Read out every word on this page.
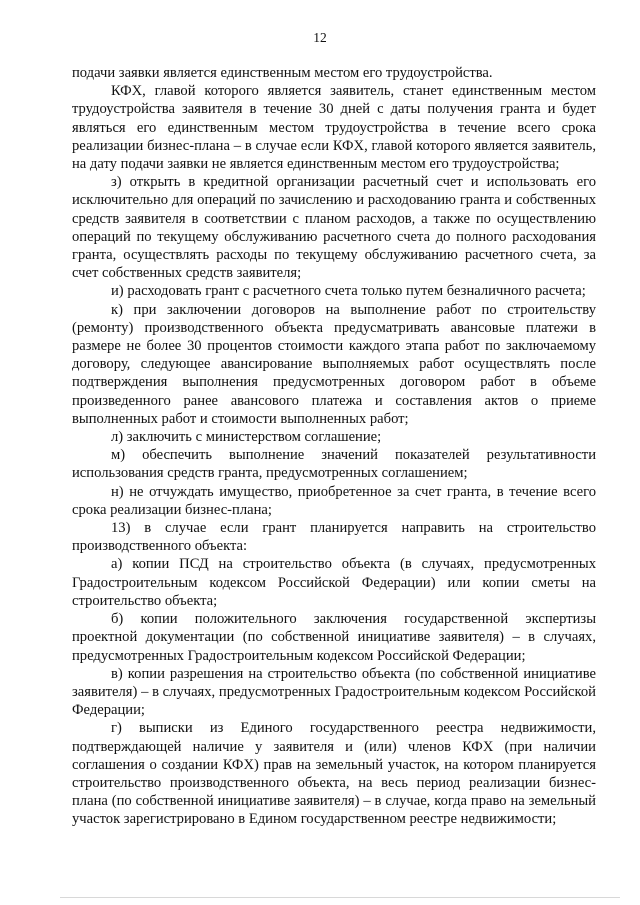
12

подачи заявки является единственным местом его трудоустройства.

КФХ, главой которого является заявитель, станет единственным местом трудоустройства заявителя в течение 30 дней с даты получения гранта и будет являться его единственным местом трудоустройства в течение всего срока реализации бизнес-плана – в случае если КФХ, главой которого является заявитель, на дату подачи заявки не является единственным местом его трудоустройства;

з) открыть в кредитной организации расчетный счет и использовать его исключительно для операций по зачислению и расходованию гранта и собственных средств заявителя в соответствии с планом расходов, а также по осуществлению операций по текущему обслуживанию расчетного счета до полного расходования гранта, осуществлять расходы по текущему обслуживанию расчетного счета, за счет собственных средств заявителя;

и) расходовать грант с расчетного счета только путем безналичного расчета;

к) при заключении договоров на выполнение работ по строительству (ремонту) производственного объекта предусматривать авансовые платежи в размере не более 30 процентов стоимости каждого этапа работ по заключаемому договору, следующее авансирование выполняемых работ осуществлять после подтверждения выполнения предусмотренных договором работ в объеме произведенного ранее авансового платежа и составления актов о приеме выполненных работ и стоимости выполненных работ;

л) заключить с министерством соглашение;

м) обеспечить выполнение значений показателей результативности использования средств гранта, предусмотренных соглашением;

н) не отчуждать имущество, приобретенное за счет гранта, в течение всего срока реализации бизнес-плана;

13) в случае если грант планируется направить на строительство производственного объекта:

а) копии ПСД на строительство объекта (в случаях, предусмотренных Градостроительным кодексом Российской Федерации) или копии сметы на строительство объекта;

б) копии положительного заключения государственной экспертизы проектной документации (по собственной инициативе заявителя) – в случаях, предусмотренных Градостроительным кодексом Российской Федерации;

в) копии разрешения на строительство объекта (по собственной инициативе заявителя) – в случаях, предусмотренных Градостроительным кодексом Российской Федерации;

г) выписки из Единого государственного реестра недвижимости, подтверждающей наличие у заявителя и (или) членов КФХ (при наличии соглашения о создании КФХ) прав на земельный участок, на котором планируется строительство производственного объекта, на весь период реализации бизнес-плана (по собственной инициативе заявителя) – в случае, когда право на земельный участок зарегистрировано в Едином государственном реестре недвижимости;
